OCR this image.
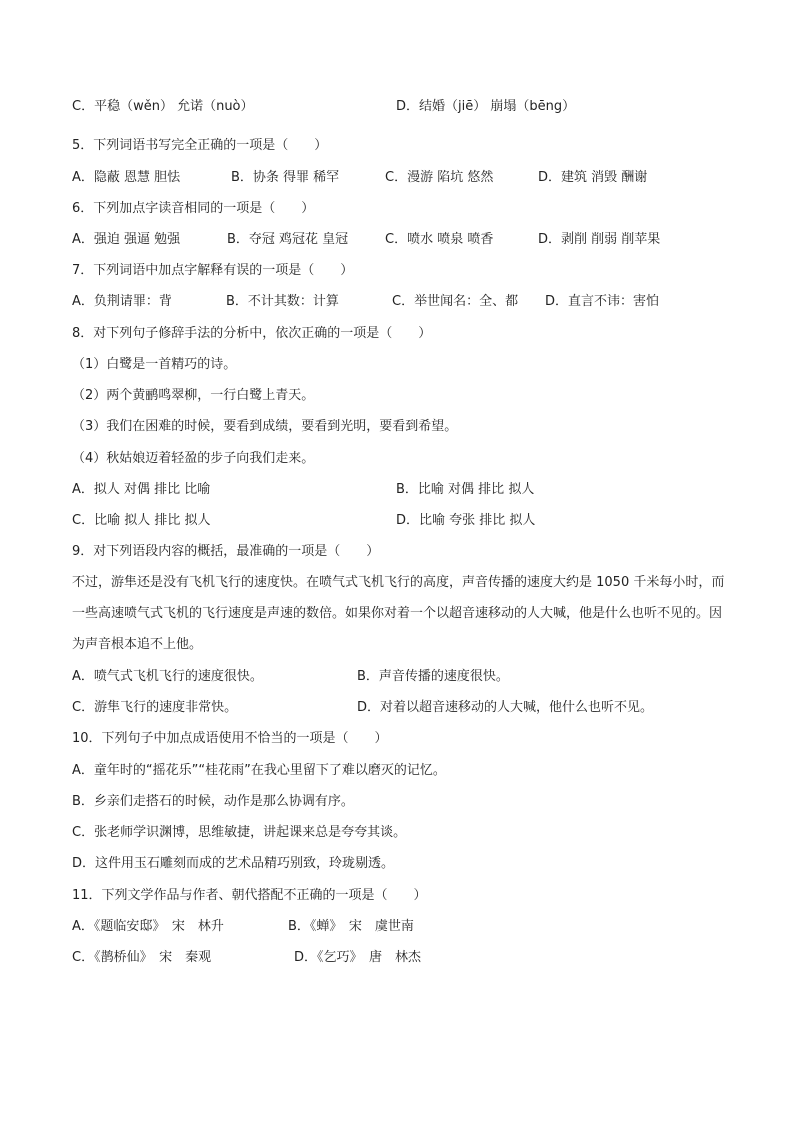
C．平稳（wěn） 允诺（nuò）	D．结婚（jiē） 崩塌（bēng）
5．下列词语书写完全正确的一项是（　　）
A．隐蔽 恩慧 胆怯	B．协条 得罪 稀罕	C．漫游 陷坑 悠然	D．建筑 消毁 酬谢
6．下列加点字读音相同的一项是（　　）
A．强迫 强逼 勉强	B．夺冠 鸡冠花 皇冠	C．喷水 喷泉 喷香	D．剥削 削弱 削苹果
7．下列词语中加点字解释有误的一项是（　　）
A．负荆请罪：背	B．不计其数：计算	C．举世闻名：全、都 D．直言不讳：害怕
8．对下列句子修辞手法的分析中，依次正确的一项是（　　）
（1）白鹭是一首精巧的诗。
（2）两个黄鹂鸣翠柳，一行白鹭上青天。
（3）我们在困难的时候，要看到成绩，要看到光明，要看到希望。
（4）秋姑娘迈着轻盈的步子向我们走来。
A．拟人 对偶 排比 比喻	B．比喻 对偶 排比 拟人
C．比喻 拟人 排比 拟人	D．比喻 夸张 排比 拟人
9．对下列语段内容的概括，最准确的一项是（　　）
不过，游隼还是没有飞机飞行的速度快。在喷气式飞机飞行的高度，声音传播的速度大约是 1050 千米每小时，而一些高速喷气式飞机的飞行速度是声速的数倍。如果你对着一个以超音速移动的人大喊，他是什么也听不见的。因为声音根本追不上他。
A．喷气式飞机飞行的速度很快。	B．声音传播的速度很快。
C．游隼飞行的速度非常快。	D．对着以超音速移动的人大喊，他什么也听不见。
10．下列句子中加点成语使用不恰当的一项是（　　）
A．童年时的“摇花乐”“桂花雨”在我心里留下了难以磨灭的记忆。
B．乡亲们走搭石的时候，动作是那么协调有序。
C．张老师学识渊博，思维敏捷，讲起课来总是夸夸其谈。
D．这件用玉石雕刻而成的艺术品精巧别致，玲珑剔透。
11．下列文学作品与作者、朝代搭配不正确的一项是（　　）
A．《题临安邸》　宋　林升	B．《蝉》　宋　虞世南
C．《鹊桥仙》　宋　秦观	D．《乞巧》　唐　林杰
